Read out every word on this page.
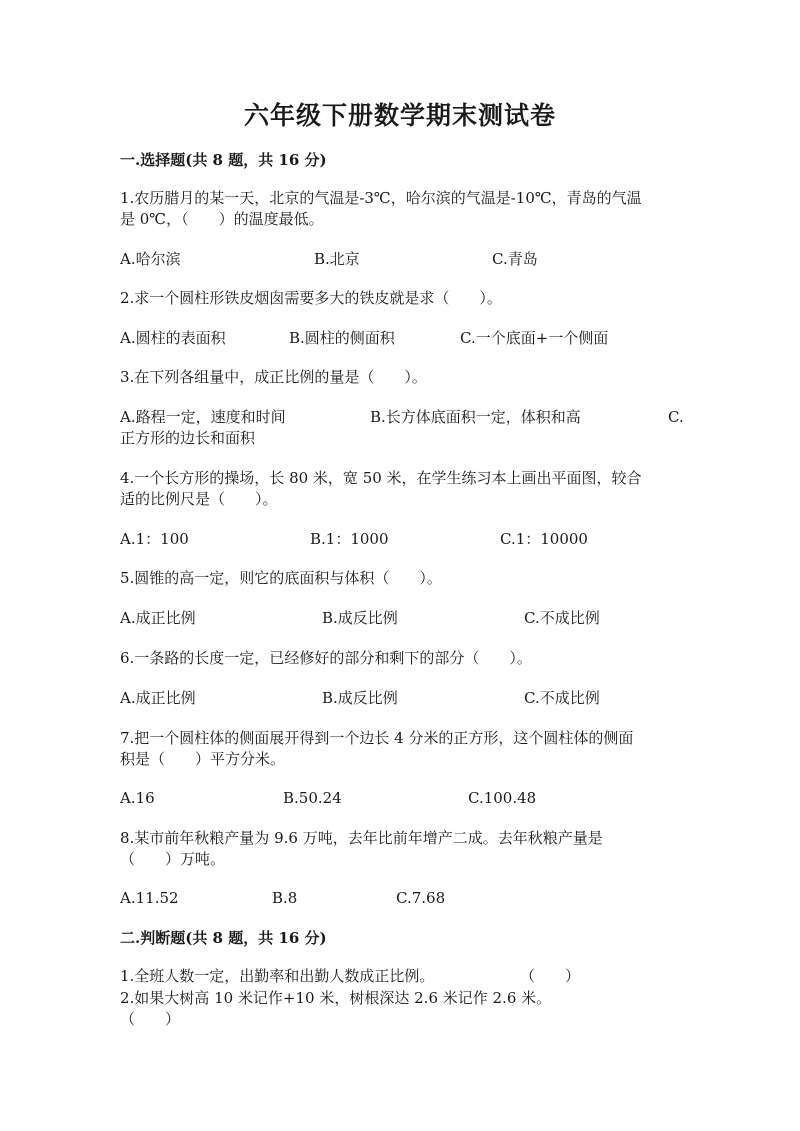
六年级下册数学期末测试卷
一.选择题(共 8 题，共 16 分)
1.农历腊月的某一天，北京的气温是-3℃，哈尔滨的气温是-10℃，青岛的气温
是 0℃，（　　）的温度最低。
A.哈尔滨	B.北京	C.青岛
2.求一个圆柱形铁皮烟囱需要多大的铁皮就是求（　　）。
A.圆柱的表面积	B.圆柱的侧面积	C.一个底面+一个侧面
3.在下列各组量中，成正比例的量是（　　）。
A.路程一定，速度和时间	B.长方体底面积一定，体积和高	C.
正方形的边长和面积
4.一个长方形的操场，长 80 米，宽 50 米，在学生练习本上画出平面图，较合
适的比例尺是（　　）。
A.1：100	B.1：1000	C.1：10000
5.圆锥的高一定，则它的底面积与体积（　　）。
A.成正比例	B.成反比例	C.不成比例
6.一条路的长度一定，已经修好的部分和剩下的部分（　　）。
A.成正比例	B.成反比例	C.不成比例
7.把一个圆柱体的侧面展开得到一个边长 4 分米的正方形，这个圆柱体的侧面
积是（　　）平方分米。
A.16	B.50.24	C.100.48
8.某市前年秋粮产量为 9.6 万吨，去年比前年增产二成。去年秋粮产量是
（　　）万吨。
A.11.52	B.8	C.7.68
二.判断题(共 8 题，共 16 分)
1.全班人数一定，出勤率和出勤人数成正比例。	（　　）
2.如果大树高 10 米记作+10 米，树根深达 2.6 米记作 2.6 米。
（　　）
